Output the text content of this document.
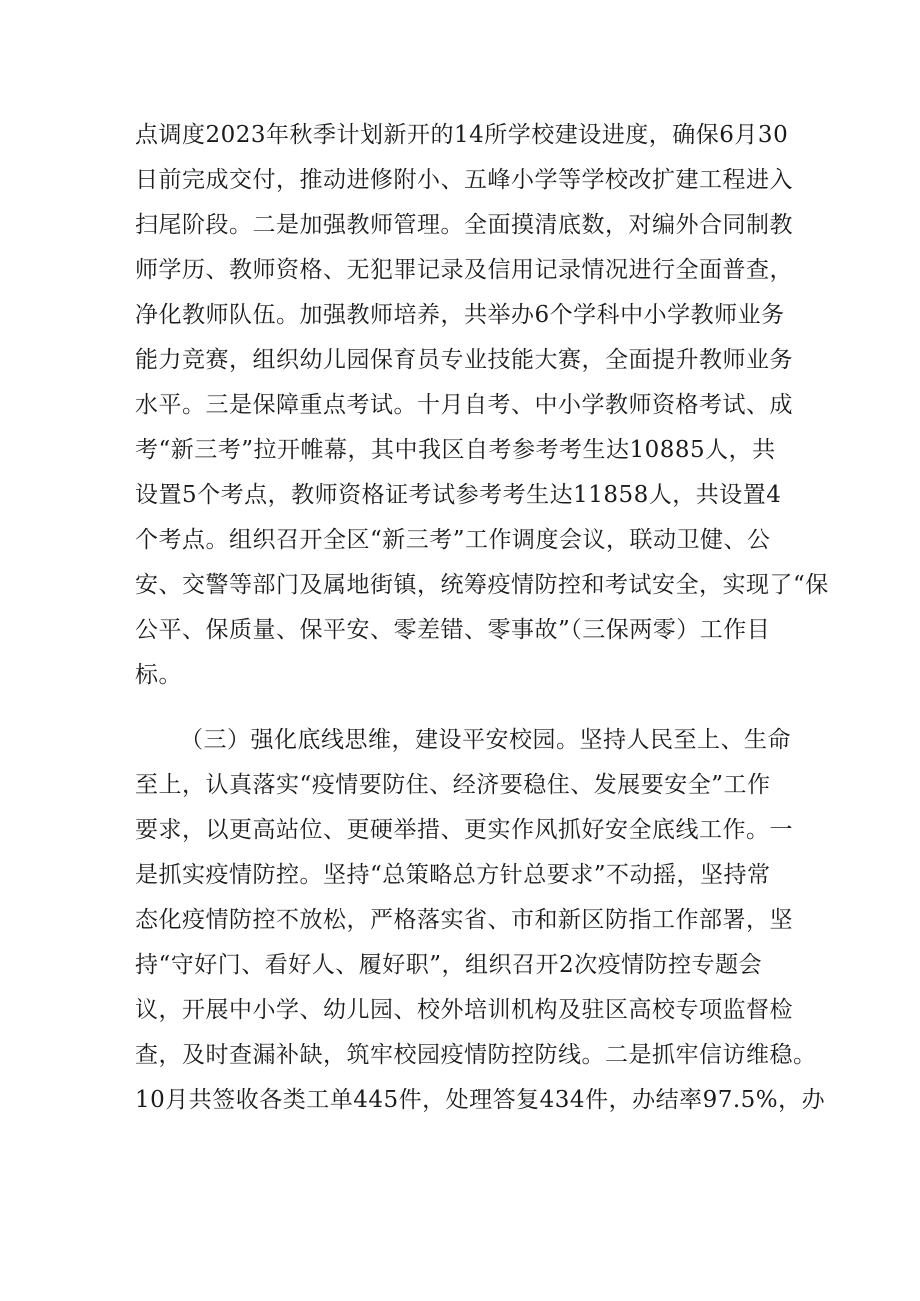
点调度2023年秋季计划新开的14所学校建设进度，确保6月30
日前完成交付，推动进修附小、五峰小学等学校改扩建工程进入
扫尾阶段。二是加强教师管理。全面摸清底数，对编外合同制教
师学历、教师资格、无犯罪记录及信用记录情况进行全面普查，
净化教师队伍。加强教师培养，共举办6个学科中小学教师业务
能力竞赛，组织幼儿园保育员专业技能大赛，全面提升教师业务
水平。三是保障重点考试。十月自考、中小学教师资格考试、成
考“新三考”拉开帷幕，其中我区自考参考考生达10885人，共
设置5个考点，教师资格证考试参考考生达11858人，共设置4
个考点。组织召开全区“新三考”工作调度会议，联动卫健、公
安、交警等部门及属地街镇，统筹疫情防控和考试安全，实现了“保
公平、保质量、保平安、零差错、零事故”（三保两零）工作目
标。
（三）强化底线思维，建设平安校园。坚持人民至上、生命
至上，认真落实“疫情要防住、经济要稳住、发展要安全”工作
要求，以更高站位、更硬举措、更实作风抓好安全底线工作。一
是抓实疫情防控。坚持“总策略总方针总要求”不动摇，坚持常
态化疫情防控不放松，严格落实省、市和新区防指工作部署，坚
持“守好门、看好人、履好职”，组织召开2次疫情防控专题会
议，开展中小学、幼儿园、校外培训机构及驻区高校专项监督检
查，及时查漏补缺，筑牢校园疫情防控防线。二是抓牢信访维稳。
10月共签收各类工单445件，处理答复434件，办结率97.5%，办
